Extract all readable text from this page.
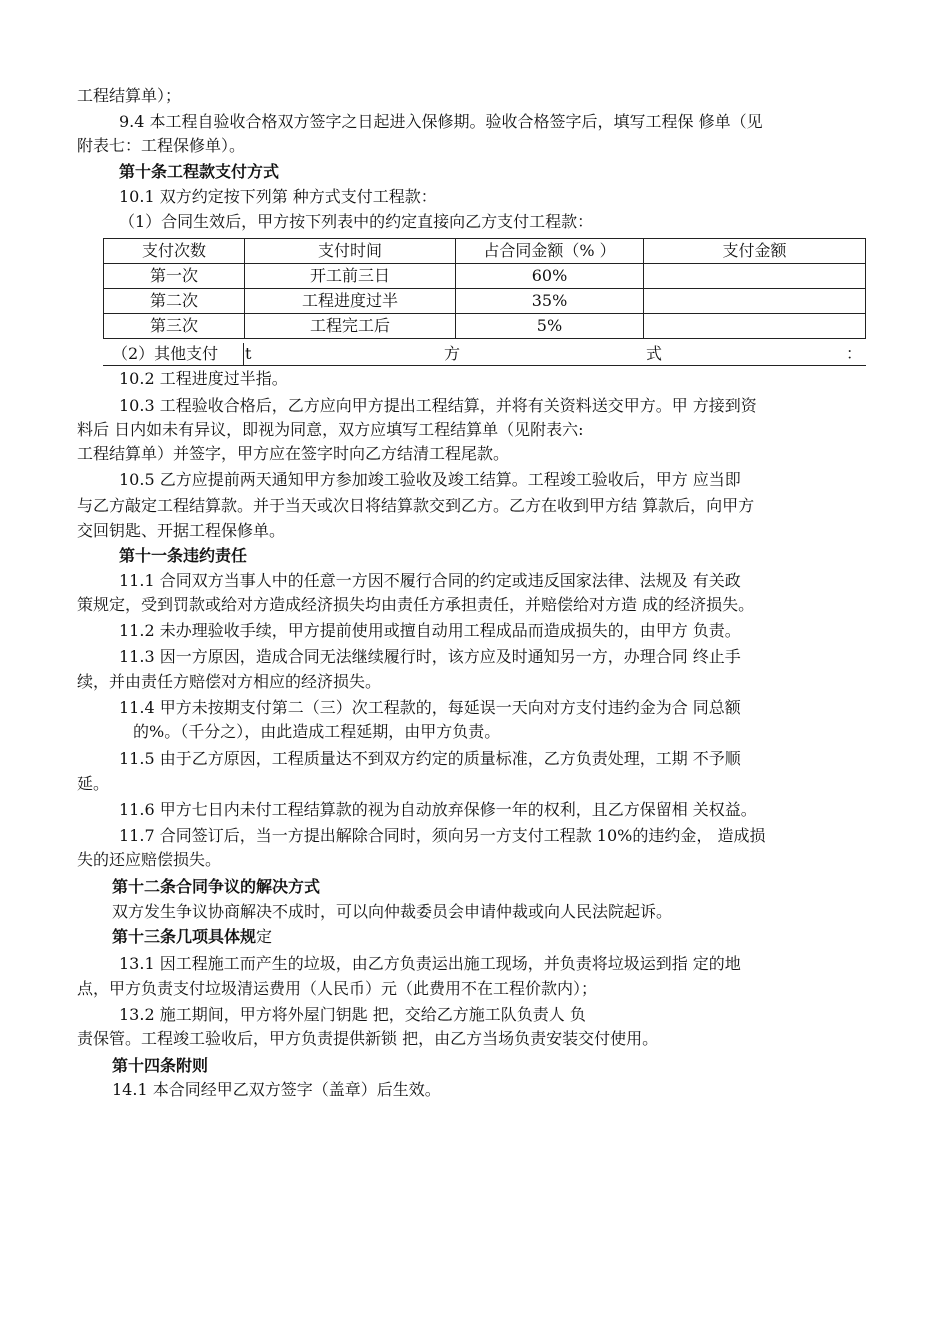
工程结算单）；
9.4 本工程自验收合格双方签字之日起进入保修期。验收合格签字后，填写工程保 修单（见
附表七：工程保修单）。
第十条工程款支付方式
10.1 双方约定按下列第 种方式支付工程款：
（1）合同生效后，甲方按下列表中的约定直接向乙方支付工程款：
支付次数	支付时间	占合同金额（% ）	支付金额
第一次	开工前三日	60%	
第二次	工程进度过半	35%	
第三次	工程完工后	5%	
（2）其他支付 t	方	式	：
10.2 工程进度过半指。
10.3 工程验收合格后，乙方应向甲方提出工程结算，并将有关资料送交甲方。甲 方接到资
料后 日内如未有异议，即视为同意，双方应填写工程结算单（见附表六:
工程结算单）并签字，甲方应在签字时向乙方结清工程尾款。
10.5 乙方应提前两天通知甲方参加竣工验收及竣工结算。工程竣工验收后，甲方 应当即
与乙方敲定工程结算款。并于当天或次日将结算款交到乙方。乙方在收到甲方结 算款后，向甲方
交回钥匙、开据工程保修单。
第十一条违约责任
11.1 合同双方当事人中的任意一方因不履行合同的约定或违反国家法律、法规及 有关政
策规定，受到罚款或给对方造成经济损失均由责任方承担责任，并赔偿给对方造 成的经济损失。
11.2 未办理验收手续，甲方提前使用或擅自动用工程成品而造成损失的，由甲方 负责。
11.3 因一方原因，造成合同无法继续履行时，该方应及时通知另一方，办理合同 终止手
续，并由责任方赔偿对方相应的经济损失。
11.4 甲方未按期支付第二（三）次工程款的，每延误一天向对方支付违约金为合 同总额
的%。（千分之），由此造成工程延期，由甲方负责。
11.5 由于乙方原因，工程质量达不到双方约定的质量标准，乙方负责处理，工期 不予顺
延。
11.6 甲方七日内未付工程结算款的视为自动放弃保修一年的权利，且乙方保留相 关权益。
11.7 合同签订后，当一方提出解除合同时，须向另一方支付工程款 10%的违约金， 造成损
失的还应赔偿损失。
第十二条合同争议的解决方式
双方发生争议协商解决不成时，可以向仲裁委员会申请仲裁或向人民法院起诉。
第十三条几项具体规定
13.1 因工程施工而产生的垃圾，由乙方负责运出施工现场，并负责将垃圾运到指 定的地
点，甲方负责支付垃圾清运费用（人民币）元（此费用不在工程价款内）；
13.2 施工期间，甲方将外屋门钥匙 把，交给乙方施工队负责人 负
责保管。工程竣工验收后，甲方负责提供新锁 把，由乙方当场负责安装交付使用。
第十四条附则
14.1 本合同经甲乙双方签字（盖章）后生效。
